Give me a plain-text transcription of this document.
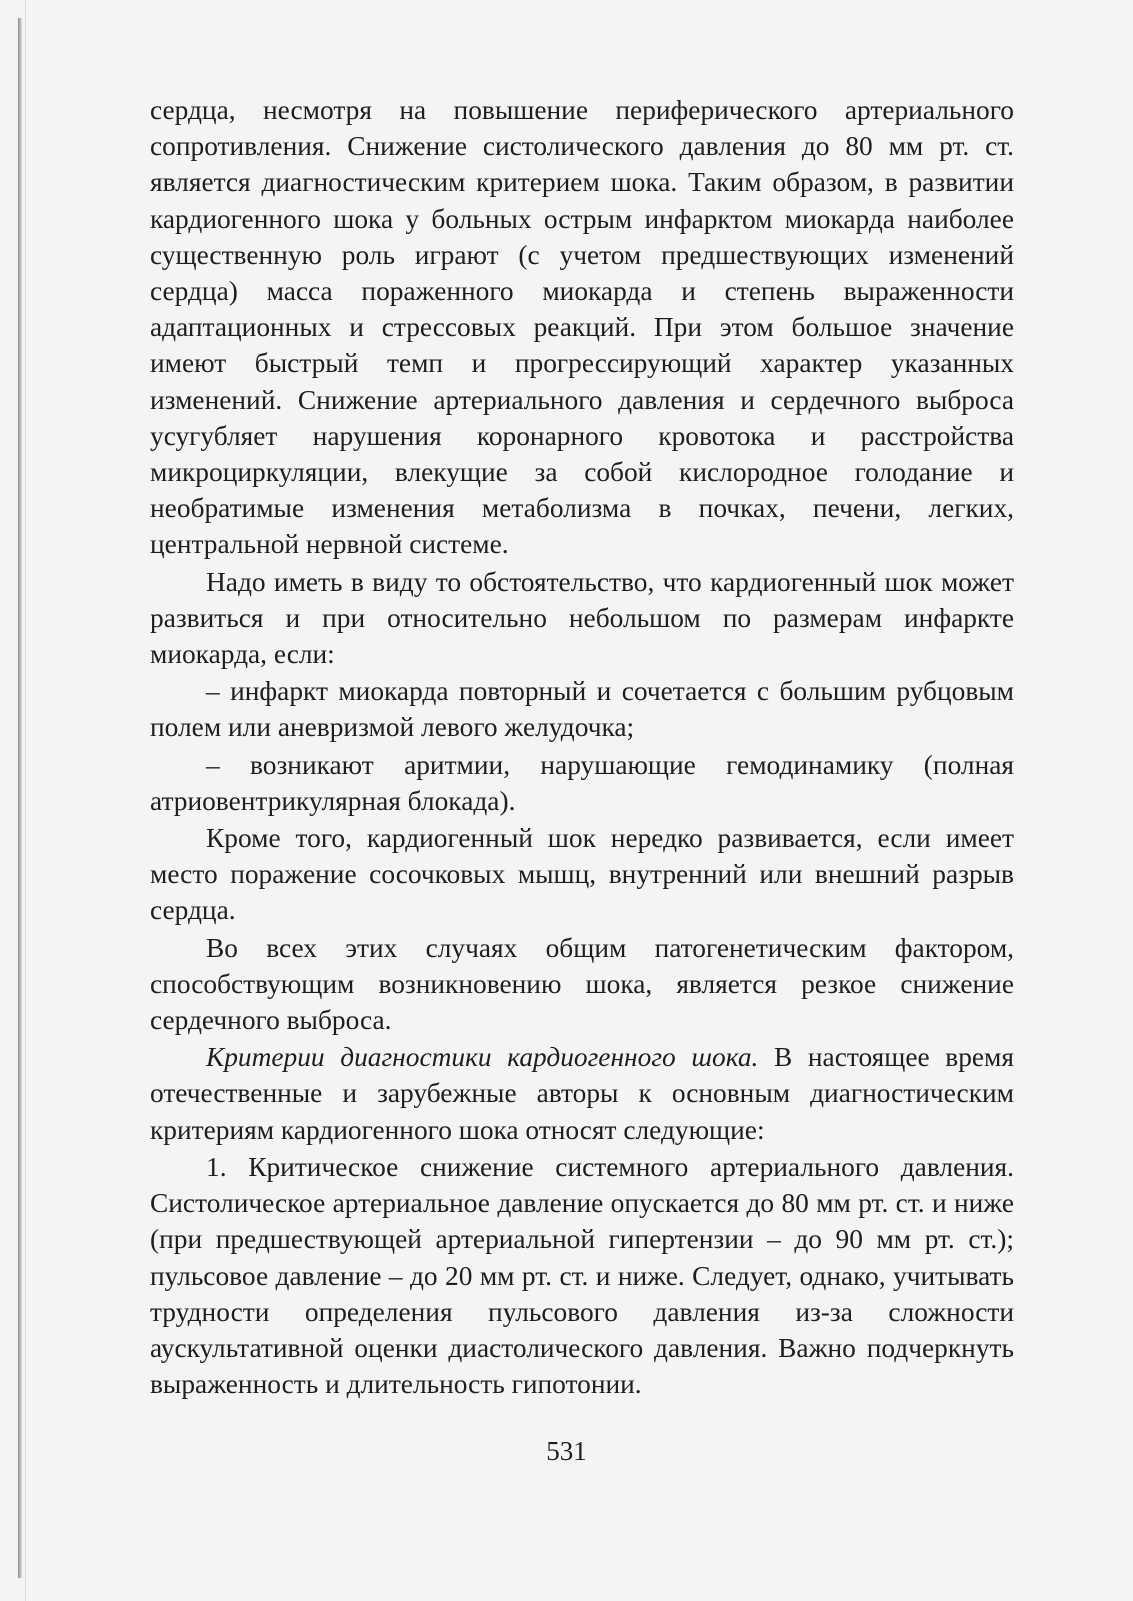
сердца, несмотря на повышение периферического артериального сопротивления. Снижение систолического давления до 80 мм рт. ст. является диагностическим критерием шока. Таким образом, в развитии кардиогенного шока у больных острым инфарктом миокарда наиболее существенную роль играют (с учетом предшествующих изменений сердца) масса пораженного миокарда и степень выраженности адаптационных и стрессовых реакций. При этом большое значение имеют быстрый темп и прогрессирующий характер указанных изменений. Снижение артериального давления и сердечного выброса усугубляет нарушения коронарного кровотока и расстройства микроциркуляции, влекущие за собой кислородное голодание и необратимые изменения метаболизма в почках, печени, легких, центральной нервной системе.

Надо иметь в виду то обстоятельство, что кардиогенный шок может развиться и при относительно небольшом по размерам инфаркте миокарда, если:

– инфаркт миокарда повторный и сочетается с большим рубцовым полем или аневризмой левого желудочка;

– возникают аритмии, нарушающие гемодинамику (полная атриовентрикулярная блокада).

Кроме того, кардиогенный шок нередко развивается, если имеет место поражение сосочковых мышц, внутренний или внешний разрыв сердца.

Во всех этих случаях общим патогенетическим фактором, способствующим возникновению шока, является резкое снижение сердечного выброса.

Критерии диагностики кардиогенного шока. В настоящее время отечественные и зарубежные авторы к основным диагностическим критериям кардиогенного шока относят следующие:

1. Критическое снижение системного артериального давления. Систолическое артериальное давление опускается до 80 мм рт. ст. и ниже (при предшествующей артериальной гипертензии – до 90 мм рт. ст.); пульсовое давление – до 20 мм рт. ст. и ниже. Следует, однако, учитывать трудности определения пульсового давления из-за сложности аускультативной оценки диастолического давления. Важно подчеркнуть выраженность и длительность гипотонии.

531
